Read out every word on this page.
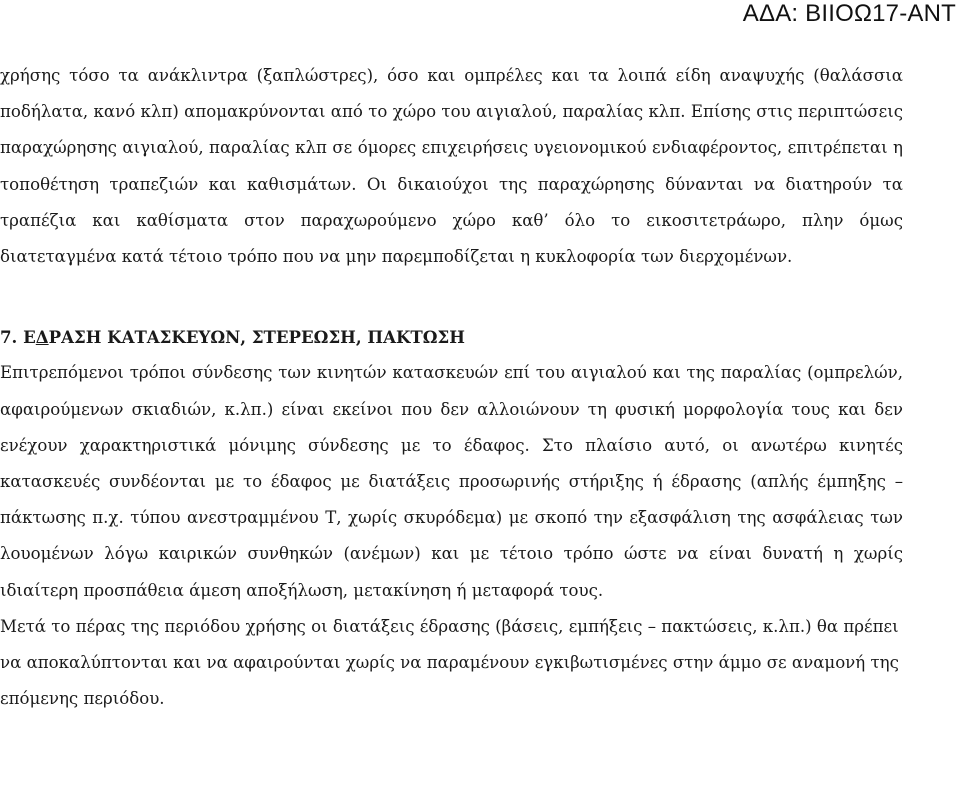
ΑΔΑ: ΒΙΙΟΩ17-ΑΝΤ

χρήσης τόσο τα ανάκλιντρα (ξαπλώστρες), όσο και ομπρέλες και τα λοιπά είδη αναψυχής (θαλάσσια ποδήλατα, κανό κλπ) απομακρύνονται από το χώρο του αιγιαλού, παραλίας κλπ. Επίσης στις περιπτώσεις παραχώρησης αιγιαλού, παραλίας κλπ σε όμορες επιχειρήσεις υγειονομικού ενδιαφέροντος, επιτρέπεται η τοποθέτηση τραπεζιών και καθισμάτων. Οι δικαιούχοι της παραχώρησης δύνανται να διατηρούν τα τραπέζια και καθίσματα στον παραχωρούμενο χώρο καθ’ όλο το εικοσιτετράωρο, πλην όμως διατεταγμένα κατά τέτοιο τρόπο που να μην παρεμποδίζεται η κυκλοφορία των διερχομένων.

7. ΕΔΡΑΣΗ ΚΑΤΑΣΚΕΥΩΝ, ΣΤΕΡΕΩΣΗ, ΠΑΚΤΩΣΗ

Επιτρεπόμενοι τρόποι σύνδεσης των κινητών κατασκευών επί του αιγιαλού και της παραλίας (ομπρελών, αφαιρούμενων σκιαδιών, κ.λπ.) είναι εκείνοι που δεν αλλοιώνουν τη φυσική μορφολογία τους και δεν ενέχουν χαρακτηριστικά μόνιμης σύνδεσης με το έδαφος. Στο πλαίσιο αυτό, οι ανωτέρω κινητές κατασκευές συνδέονται με το έδαφος με διατάξεις προσωρινής στήριξης ή έδρασης (απλής έμπηξης – πάκτωσης π.χ. τύπου ανεστραμμένου Τ, χωρίς σκυρόδεμα) με σκοπό την εξασφάλιση της ασφάλειας των λουομένων λόγω καιρικών συνθηκών (ανέμων) και με τέτοιο τρόπο ώστε να είναι δυνατή η χωρίς ιδιαίτερη προσπάθεια άμεση αποξήλωση, μετακίνηση ή μεταφορά τους.

Μετά το πέρας της περιόδου χρήσης οι διατάξεις έδρασης (βάσεις, εμπήξεις – πακτώσεις, κ.λπ.) θα πρέπει να αποκαλύπτονται και να αφαιρούνται χωρίς να παραμένουν εγκιβωτισμένες στην άμμο σε αναμονή της επόμενης περιόδου.
